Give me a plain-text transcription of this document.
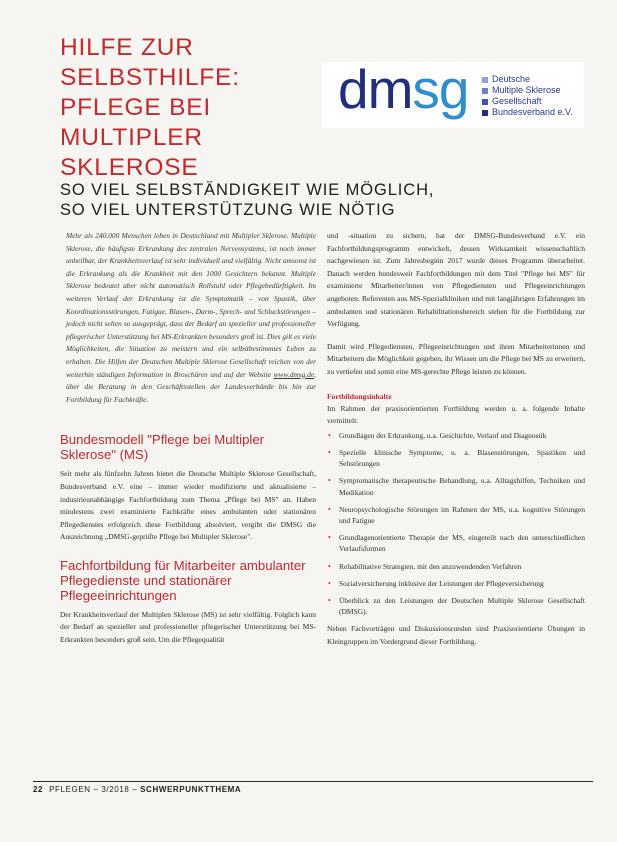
HILFE ZUR
SELBSTHILFE:
PFLEGE BEI
MULTIPLER
SKLEROSE
dmsg	Deutsche
Multiple Sklerose
Gesellschaft
Bundesverband e.V.
SO VIEL SELBSTÄNDIGKEIT WIE MÖGLICH,
SO VIEL UNTERSTÜTZUNG WIE NÖTIG

Mehr als 240.000 Menschen leben in Deutschland mit Multipler Sklerose. Multiple Sklerose, die häufigste Erkrankung des zentralen Nervensystems, ist noch immer unheilbar, der Krankheitsverlauf ist sehr individuell und vielfältig. Nicht umsonst ist die Erkrankung als die Krankheit mit den 1000 Gesichtern bekannt. Multiple Sklerose bedeutet aber nicht automatisch Rollstuhl oder Pflegebedürftigkeit. Im weiteren Verlauf der Erkrankung ist die Symptomatik – von Spastik, über Koordinationsstörungen, Fatigue, Blasen-, Darm-, Sprech- und Schluckstörungen – jedoch nicht selten so ausgeprägt, dass der Bedarf an spezieller und professioneller pflegerischer Unterstützung bei MS-Erkrankten besonders groß ist. Dies gilt es viele Möglichkeiten, die Situation zu meistern und ein selbstbestimmtes Leben zu erhalten. Die Hilfen der Deutschen Multiple Sklerose Gesellschaft reichen von der weiterhin ständigen Information in Broschüren und auf der Website www.dmsg.de, über die Beratung in den Geschäftsstellen der Landesverbände bis hin zur Fortbildung für Fachkräfte.

Bundesmodell "Pflege bei Multipler Sklerose" (MS)

Seit mehr als fünfzehn Jahren bietet die Deutsche Multiple Sklerose Gesellschaft, Bundesverband e.V. eine – immer wieder modifizierte und aktualisierte – industrieunabhängige Fachfortbildung zum Thema „Pflege bei MS" an. Haben mindestens zwei examinierte Fachkräfte eines ambulanten oder stationären Pflegedienstes erfolgreich diese Fortbildung absolviert, vergibt die DMSG die Auszeichnung „DMSG-geprüfte Pflege bei Multipler Sklerose".

Fachfortbildung für Mitarbeiter ambulanter Pflegedienste und stationärer Pflegeeinrichtungen

Der Krankheitsverlauf der Multiplen Sklerose (MS) ist sehr vielfältig. Folglich kann der Bedarf an spezieller und professioneller pflegerischer Unterstützung bei MS-Erkrankten besonders groß sein. Um die Pflegequalität

und -situation zu sichern, hat der DMSG-Bundesverband e.V. ein Fachfortbildungsprogramm entwickelt, dessen Wirksamkeit wissenschaftlich nachgewiesen ist. Zum Jahresbeginn 2017 wurde dieses Programm überarbeitet. Danach werden bundesweit Fachfortbildungen mit dem Titel "Pflege bei MS" für examinierte Mitarbeiter/innen von Pflegediensten und Pflegeeinrichtungen angeboten. Referenten aus MS-Spezialkliniken und mit langjährigen Erfahrungen im ambulanten und stationären Rehabilitationsbereich stehen für die Fortbildung zur Verfügung.

Damit wird Pflegediensten, Pflegeeinrichtungen und ihren Mitarbeiterinnen und Mitarbeitern die Möglichkeit gegeben, ihr Wissen um die Pflege bei MS zu erweitern, zu vertiefen und somit eine MS-gerechte Pflege leisten zu können.

Fortbildungsinhalte

Im Rahmen der praxisorientierten Fortbildung werden u. a. folgende Inhalte vermittelt:

• Grundlagen der Erkrankung, u.a. Geschichte, Verlauf und Diagnostik
• Spezielle klinische Symptome, u. a. Blasenstörungen, Spastiken und Sehstörungen
• Symptomatische therapeutische Behandlung, u.a. Alltagshilfen, Techniken und Medikation
• Neuropsychologische Störungen im Rahmen der MS, u.a. kognitive Störungen und Fatigue
• Grundlagenorientierte Therapie der MS, eingeteilt nach den unterschiedlichen Verlaufsformen
• Rehabilitative Strategien, mit den anzuwendenden Verfahren
• Sozialversicherung inklusive der Leistungen der Pflegeversicherung
• Überblick zu den Leistungen der Deutschen Multiple Sklerose Gesellschaft (DMSG).

Neben Fachvorträgen und Diskussionsrunden sind Praxisorientierte Übungen in Kleingruppen im Vordergrund dieser Fortbildung.

22 PFLEGEN – 3/2018 – SCHWERPUNKTTHEMA
